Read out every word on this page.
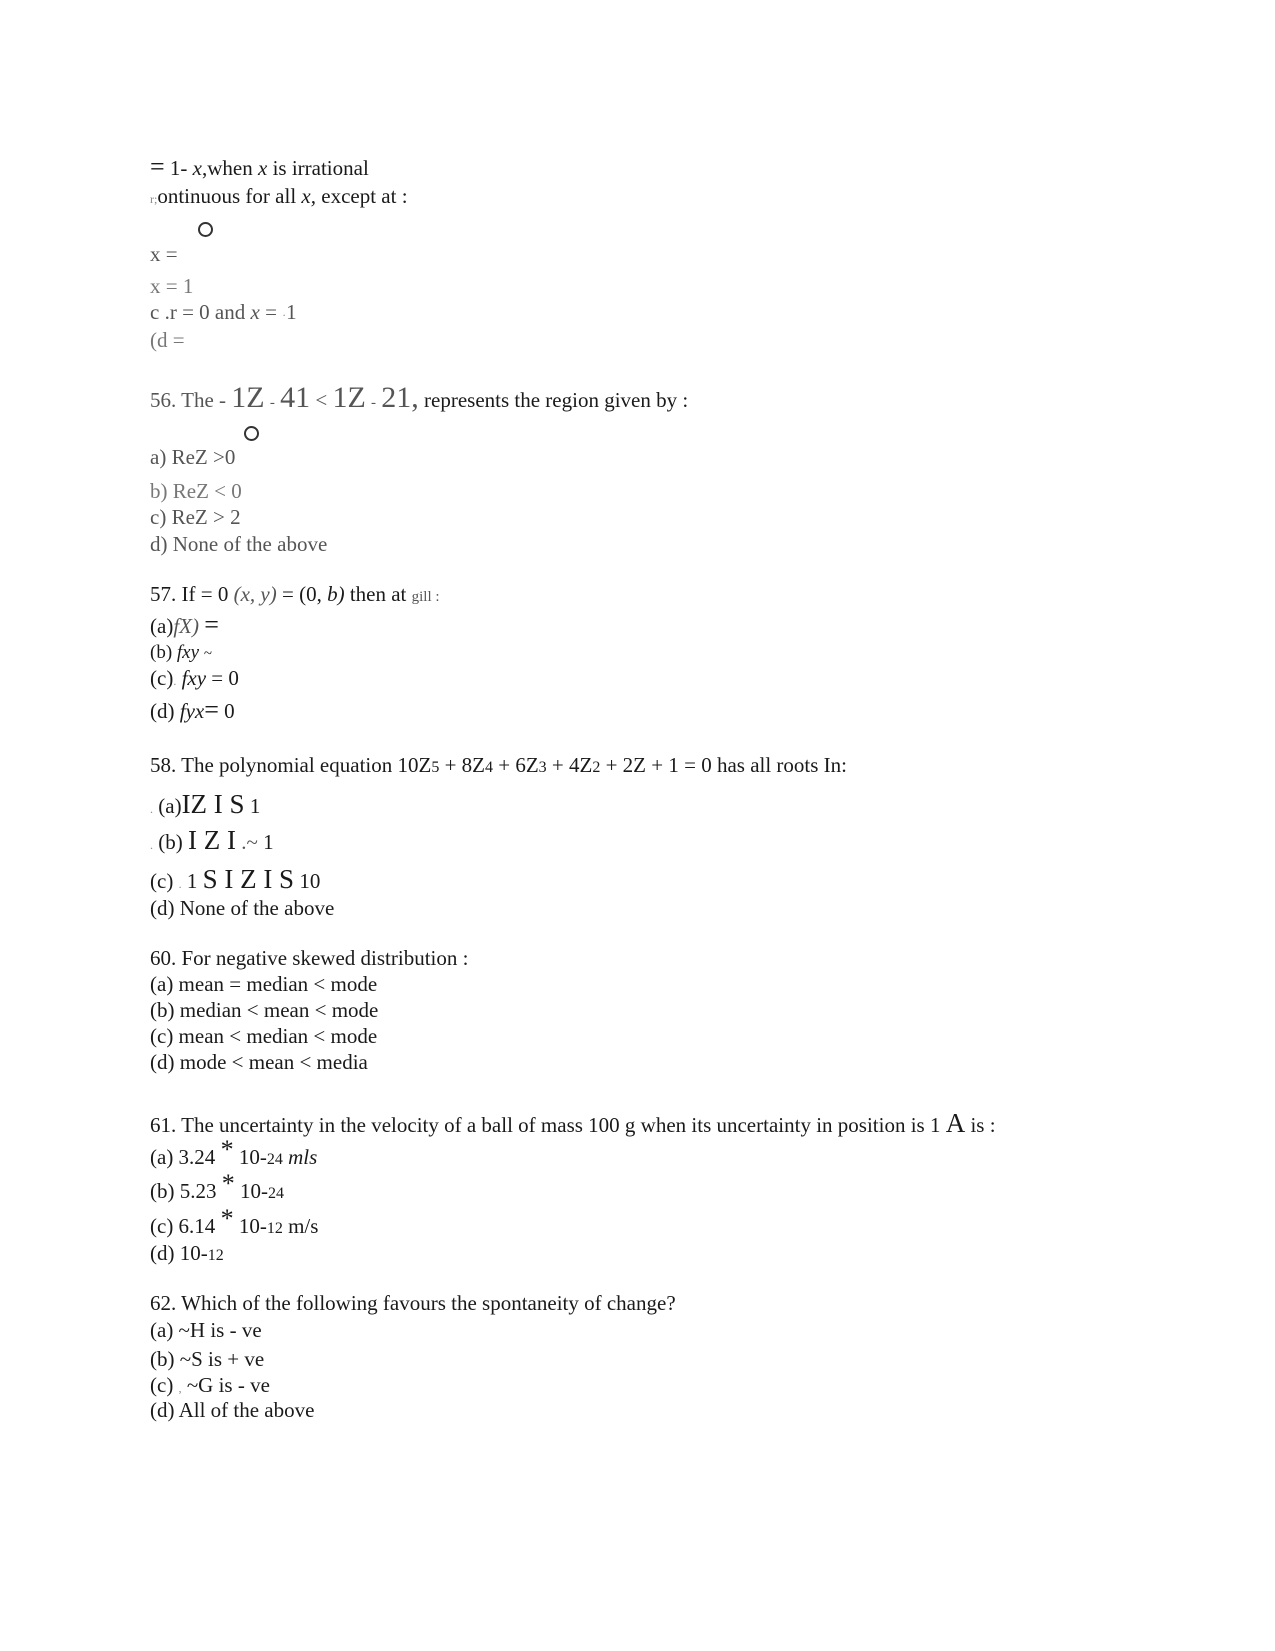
= 1- x,when x is irrational
r;ontinuous for all x, except at :
x =
x = 1
c .r = 0 and x = ·1
(d =
56. The - 1Z - 41 < 1Z - 21, represents the region given by :
a) ReZ >0
b) ReZ < 0
c) ReZ > 2
d) None of the above
57. If = 0 (x, y) = (0, b) then at gill :
(a)fX) =
(b) fxy ~
(c). fxy = 0
(d) fyx= 0
58. The polynomial equation 10Z5 + 8Z4 + 6Z3 + 4Z2 + 2Z + 1 = 0 has all roots In:
. (a)IZ I S 1
. (b) I Z I .~ 1
(c) . 1 S I Z I S 10
(d) None of the above
60. For negative skewed distribution :
(a) mean = median < mode
(b) median < mean < mode
(c) mean < median < mode
(d) mode < mean < media
61. The uncertainty in the velocity of a ball of mass 100 g when its uncertainty in position is 1 A is :
(a) 3.24 * 10-24 mls
(b) 5.23 * 10-24
(c) 6.14 * 10-12 m/s
(d) 10-12
62. Which of the following favours the spontaneity of change?
(a) ~H is - ve
(b) ~S is + ve
(c) , ~G is - ve
(d) All of the above
